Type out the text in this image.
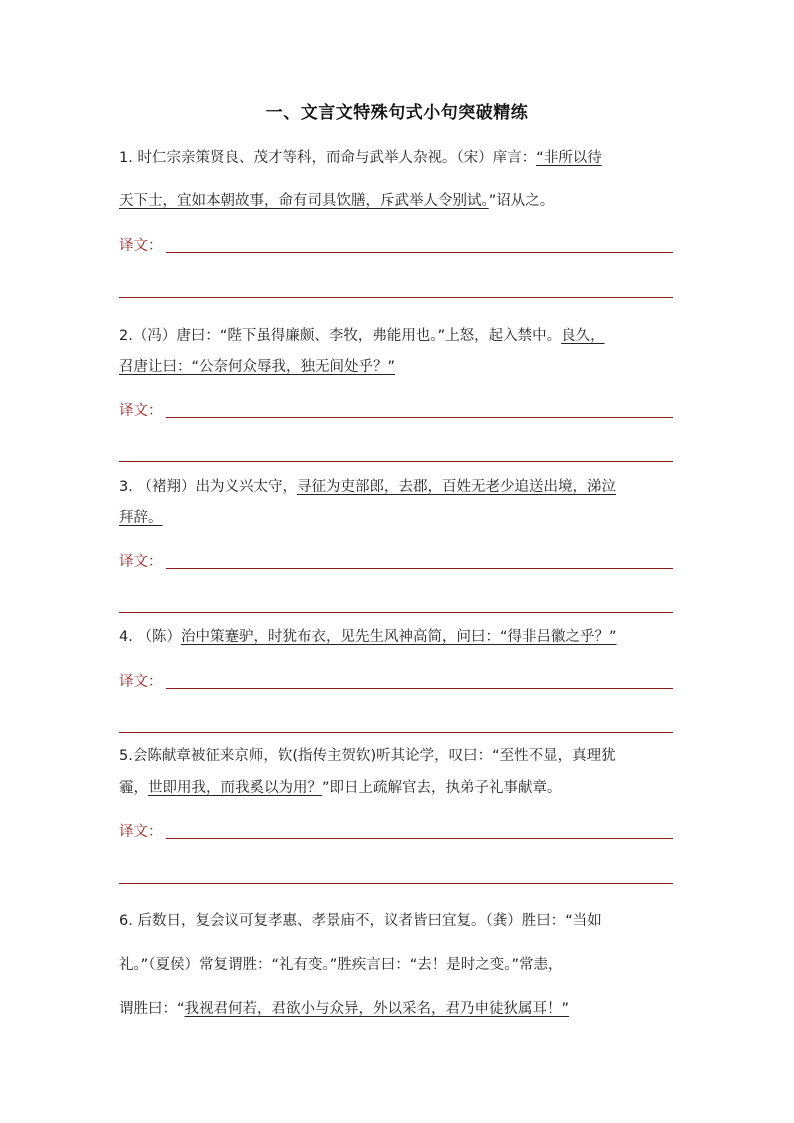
一、文言文特殊句式小句突破精练
1. 时仁宗亲策贤良、茂才等科，而命与武举人杂视。（宋）庠言：“非所以待
天下士，宜如本朝故事，命有司具饮膳，斥武举人令别试。”诏从之。
译文：
2.（冯）唐曰：“陛下虽得廉颇、李牧，弗能用也。”上怒，起入禁中。良久，
召唐让曰：“公奈何众辱我，独无间处乎？”
译文：
3. （褚翔）出为义兴太守，寻征为吏部郎，去郡，百姓无老少追送出境，涕泣
拜辞。
译文：
4. （陈）治中策蹇驴，时犹布衣，见先生风神高简，问曰：“得非吕徽之乎？”
译文：
5.会陈献章被征来京师，钦(指传主贺钦)听其论学，叹曰：“至性不显，真理犹
霾，世即用我，而我奚以为用？”即日上疏解官去，执弟子礼事献章。
译文：
6. 后数日，复会议可复孝惠、孝景庙不，议者皆曰宜复。（龚）胜曰：“当如
礼。”（夏侯）常复谓胜：“礼有变。”胜疾言曰：“去！是时之变。”常恚，
谓胜曰：“我视君何若，君欲小与众异，外以采名，君乃申徒狄属耳！”
